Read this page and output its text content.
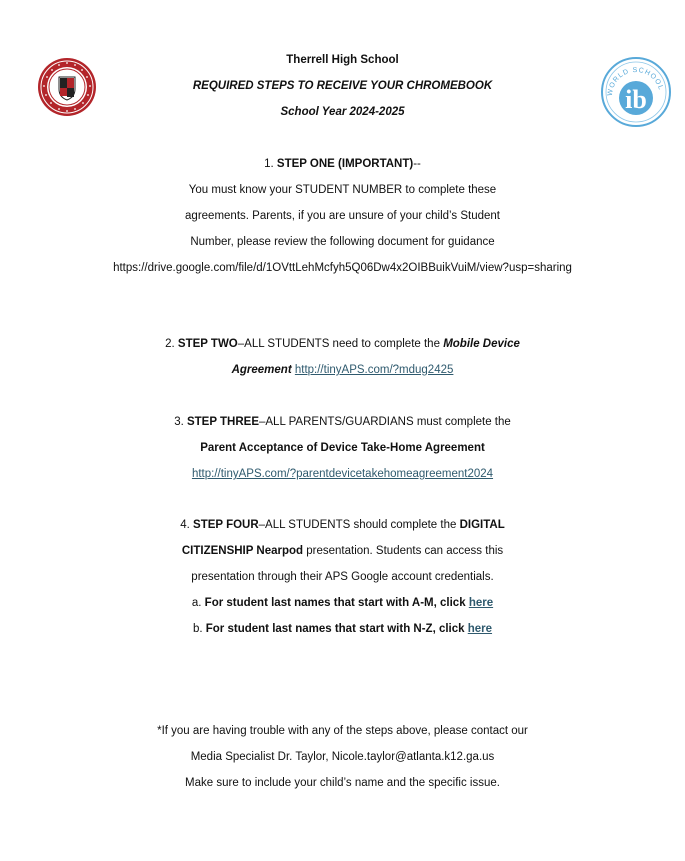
WORLD SCHOOL
ib
Therrell High School
REQUIRED STEPS TO RECEIVE YOUR CHROMEBOOK
School Year 2024-2025
1. STEP ONE (IMPORTANT)--
You must know your STUDENT NUMBER to complete these
agreements. Parents, if you are unsure of your child’s Student
Number, please review the following document for guidance
https://drive.google.com/file/d/1OVttLehMcfyh5Q06Dw4x2OIBBuikVuiM/view?usp=sharing
2. STEP TWO–ALL STUDENTS need to complete the Mobile Device
Agreement http://tinyAPS.com/?mdug2425
3. STEP THREE–ALL PARENTS/GUARDIANS must complete the
Parent Acceptance of Device Take-Home Agreement
http://tinyAPS.com/?parentdevicetakehomeagreement2024
4. STEP FOUR–ALL STUDENTS should complete the DIGITAL
CITIZENSHIP Nearpod presentation. Students can access this
presentation through their APS Google account credentials.
a. For student last names that start with A-M, click here
b. For student last names that start with N-Z, click here
*If you are having trouble with any of the steps above, please contact our
Media Specialist Dr. Taylor, Nicole.taylor@atlanta.k12.ga.us
Make sure to include your child’s name and the specific issue.
